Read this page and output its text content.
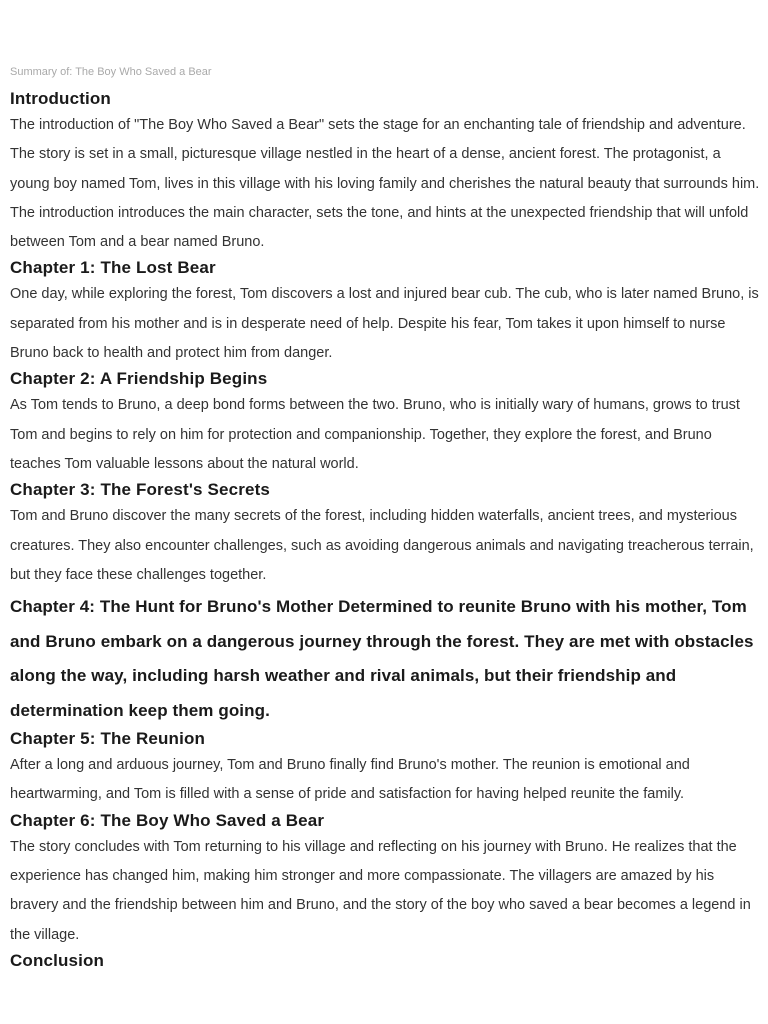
Summary of: The Boy Who Saved a Bear
Introduction

The introduction of "The Boy Who Saved a Bear" sets the stage for an enchanting tale of friendship and adventure. The story is set in a small, picturesque village nestled in the heart of a dense, ancient forest. The protagonist, a young boy named Tom, lives in this village with his loving family and cherishes the natural beauty that surrounds him. The introduction introduces the main character, sets the tone, and hints at the unexpected friendship that will unfold between Tom and a bear named Bruno.

Chapter 1: The Lost Bear

One day, while exploring the forest, Tom discovers a lost and injured bear cub. The cub, who is later named Bruno, is separated from his mother and is in desperate need of help. Despite his fear, Tom takes it upon himself to nurse Bruno back to health and protect him from danger.

Chapter 2: A Friendship Begins

As Tom tends to Bruno, a deep bond forms between the two. Bruno, who is initially wary of humans, grows to trust Tom and begins to rely on him for protection and companionship. Together, they explore the forest, and Bruno teaches Tom valuable lessons about the natural world.

Chapter 3: The Forest's Secrets

Tom and Bruno discover the many secrets of the forest, including hidden waterfalls, ancient trees, and mysterious creatures. They also encounter challenges, such as avoiding dangerous animals and navigating treacherous terrain, but they face these challenges together.

Chapter 4: The Hunt for Bruno's Mother Determined to reunite Bruno with his mother, Tom and Bruno embark on a dangerous journey through the forest. They are met with obstacles along the way, including harsh weather and rival animals, but their friendship and determination keep them going.
Chapter 5: The Reunion

After a long and arduous journey, Tom and Bruno finally find Bruno's mother. The reunion is emotional and heartwarming, and Tom is filled with a sense of pride and satisfaction for having helped reunite the family.

Chapter 6: The Boy Who Saved a Bear

The story concludes with Tom returning to his village and reflecting on his journey with Bruno. He realizes that the experience has changed him, making him stronger and more compassionate. The villagers are amazed by his bravery and the friendship between him and Bruno, and the story of the boy who saved a bear becomes a legend in the village.

Conclusion
